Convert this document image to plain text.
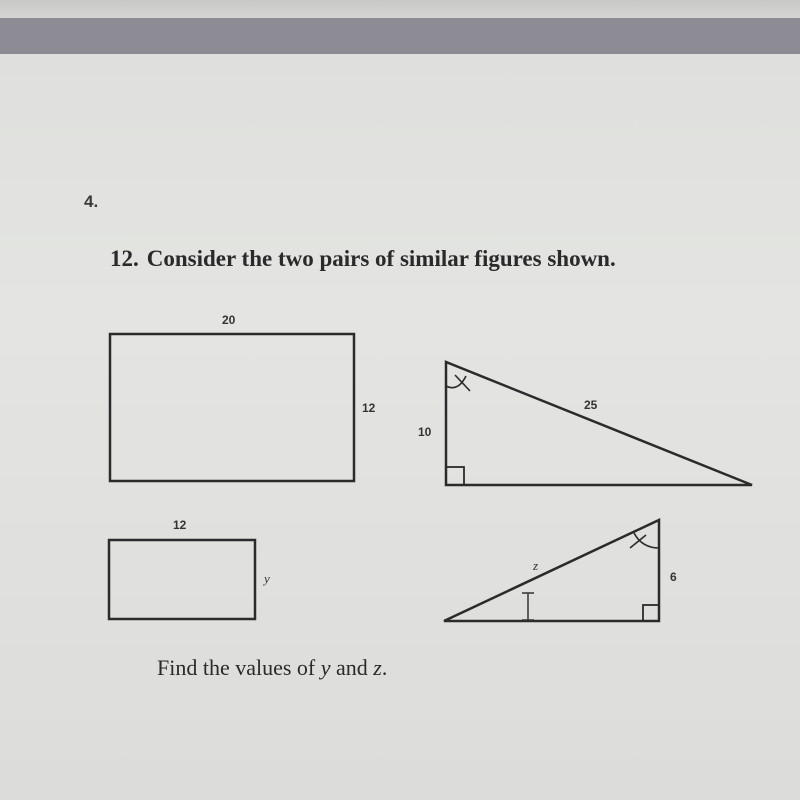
4.
12. Consider the two pairs of similar figures shown.
20
12
10
25
12
y
z
6
Find the values of y and z.
